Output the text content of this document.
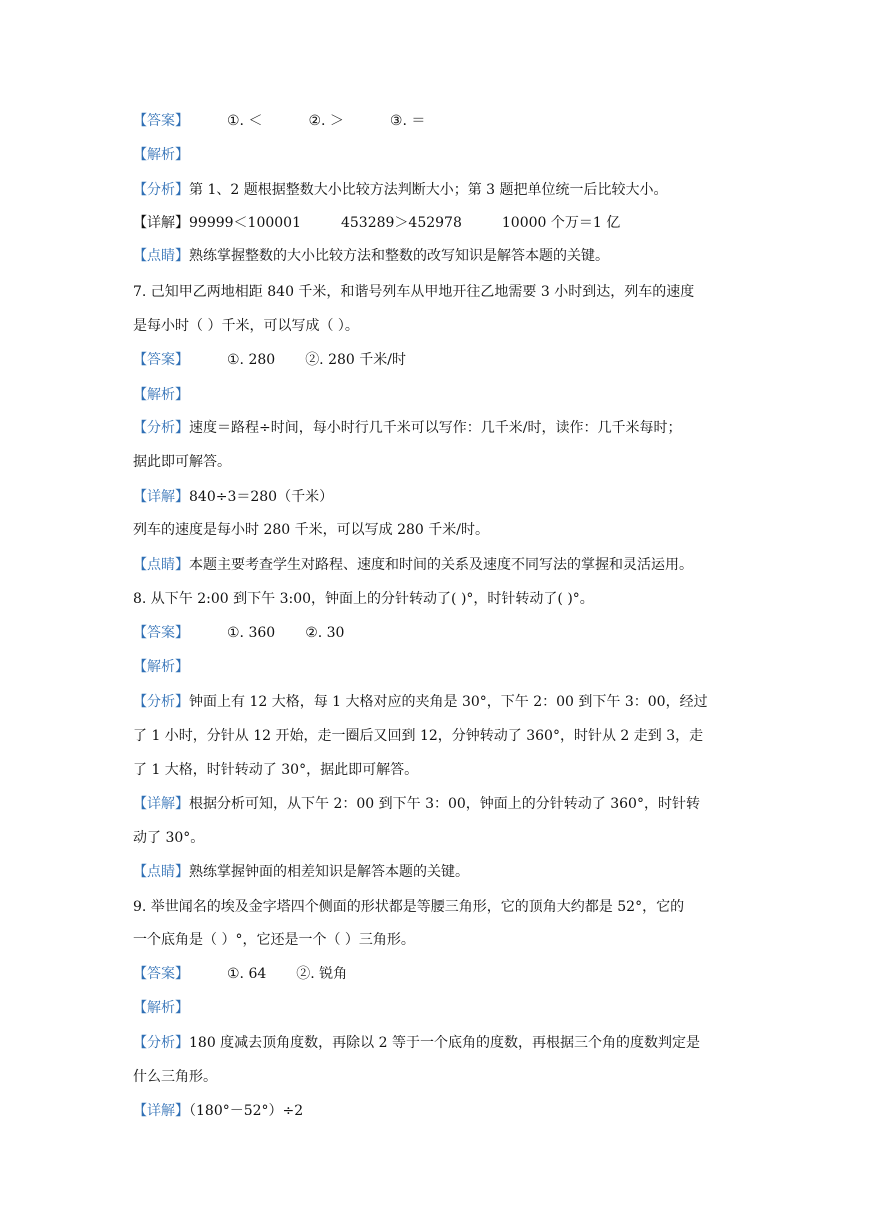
【答案】	①. ＜	②. ＞	③. ＝
【解析】
【分析】第 1、2 题根据整数大小比较方法判断大小；第 3 题把单位统一后比较大小。
【详解】99999＜100001	453289＞452978	10000 个万＝1 亿
【点睛】熟练掌握整数的大小比较方法和整数的改写知识是解答本题的关键。
7. 己知甲乙两地相距 840 千米，和谐号列车从甲地开往乙地需要 3 小时到达，列车的速度
是每小时（ ）千米，可以写成（ ）。
【答案】	①. 280 ②. 280 千米/时
【解析】
【分析】速度＝路程÷时间，每小时行几千米可以写作：几千米/时，读作：几千米每时；
据此即可解答。
【详解】840÷3＝280（千米）
列车的速度是每小时 280 千米，可以写成 280 千米/时。
【点睛】本题主要考查学生对路程、速度和时间的关系及速度不同写法的掌握和灵活运用。
8. 从下午 2:00 到下午 3:00，钟面上的分针转动了( )°，时针转动了( )°。
【答案】	①. 360 ②. 30
【解析】
【分析】钟面上有 12 大格，每 1 大格对应的夹角是 30°，下午 2：00 到下午 3：00，经过
了 1 小时，分针从 12 开始，走一圈后又回到 12，分钟转动了 360°，时针从 2 走到 3，走
了 1 大格，时针转动了 30°，据此即可解答。
【详解】根据分析可知，从下午 2：00 到下午 3：00，钟面上的分针转动了 360°，时针转
动了 30°。
【点睛】熟练掌握钟面的相差知识是解答本题的关键。
9. 举世闻名的埃及金字塔四个侧面的形状都是等腰三角形，它的顶角大约都是 52°，它的
一个底角是（ ）°，它还是一个（ ）三角形。
【答案】	①. 64 ②. 锐角
【解析】
【分析】180 度减去顶角度数，再除以 2 等于一个底角的度数，再根据三个角的度数判定是
什么三角形。
【详解】（180°－52°）÷2
